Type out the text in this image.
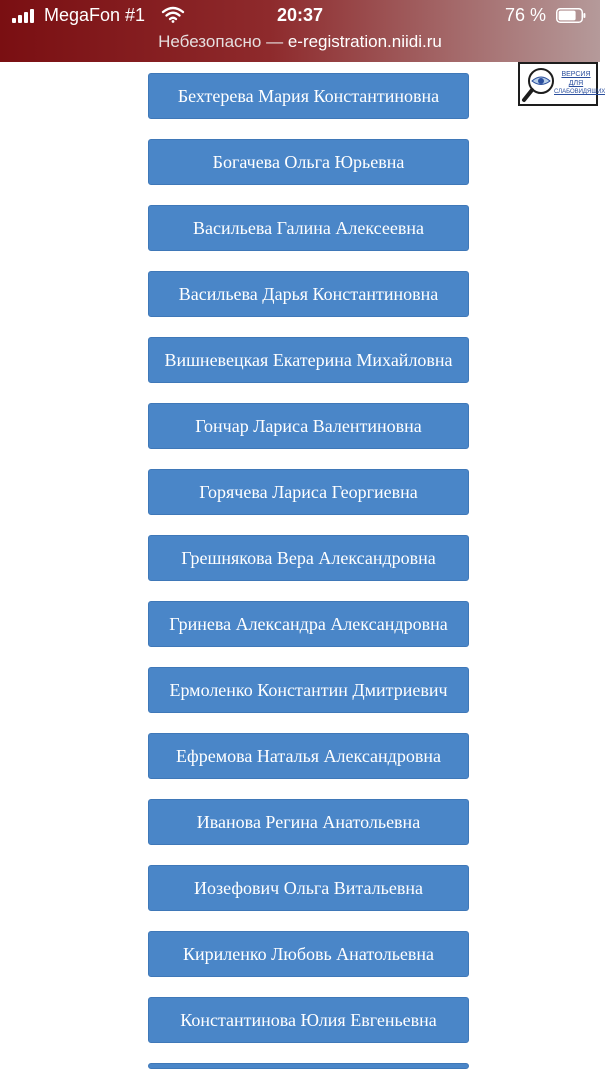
MegaFon #1	20:37	76 %
Небезопасно — e-registration.niidi.ru
ВЕРСИЯ
ДЛЯ
СЛАБОВИДЯЩИХ
Бехтерева Мария Константиновна
Богачева Ольга Юрьевна
Васильева Галина Алексеевна
Васильева Дарья Константиновна
Вишневецкая Екатерина Михайловна
Гончар Лариса Валентиновна
Горячева Лариса Георгиевна
Грешнякова Вера Александровна
Гринева Александра Александровна
Ермоленко Константин Дмитриевич
Ефремова Наталья Александровна
Иванова Регина Анатольевна
Иозефович Ольга Витальевна
Кириленко Любовь Анатольевна
Константинова Юлия Евгеньевна
